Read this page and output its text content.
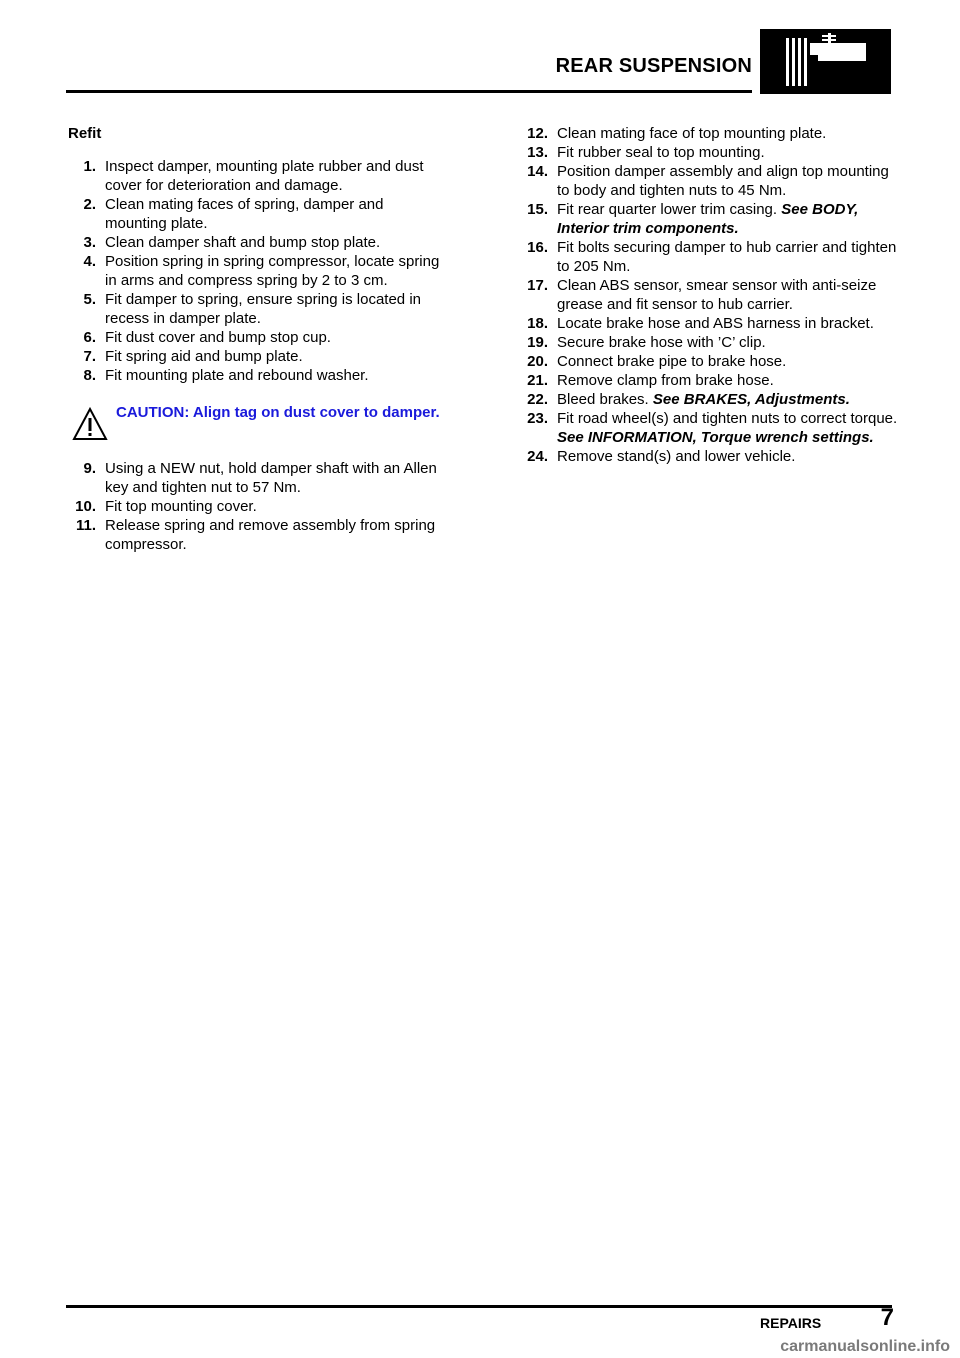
REAR SUSPENSION
Refit
1. Inspect damper, mounting plate rubber and dust cover for deterioration and damage.
2. Clean mating faces of spring, damper and mounting plate.
3. Clean damper shaft and bump stop plate.
4. Position spring in spring compressor, locate spring in arms and compress spring by 2 to 3 cm.
5. Fit damper to spring, ensure spring is located in recess in damper plate.
6. Fit dust cover and bump stop cup.
7. Fit spring aid and bump plate.
8. Fit mounting plate and rebound washer.
CAUTION: Align tag on dust cover to damper.
9. Using a NEW nut, hold damper shaft with an Allen key and tighten nut to 57 Nm.
10. Fit top mounting cover.
11. Release spring and remove assembly from spring compressor.
12. Clean mating face of top mounting plate.
13. Fit rubber seal to top mounting.
14. Position damper assembly and align top mounting to body and tighten nuts to 45 Nm.
15. Fit rear quarter lower trim casing. See BODY, Interior trim components.
16. Fit bolts securing damper to hub carrier and tighten to 205 Nm.
17. Clean ABS sensor, smear sensor with anti-seize grease and fit sensor to hub carrier.
18. Locate brake hose and ABS harness in bracket.
19. Secure brake hose with ’C’ clip.
20. Connect brake pipe to brake hose.
21. Remove clamp from brake hose.
22. Bleed brakes. See BRAKES, Adjustments.
23. Fit road wheel(s) and tighten nuts to correct torque. See INFORMATION, Torque wrench settings.
24. Remove stand(s) and lower vehicle.
REPAIRS	7
carmanualsonline.info
